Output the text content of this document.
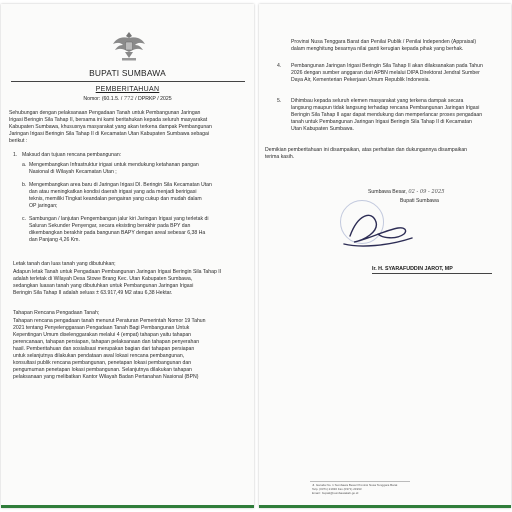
BUPATI SUMBAWA
PEMBERITAHUAN
Nomor: (60.1.5. / 772 / DPRKP / 2025
Sehubungan dengan pelaksanaan Pengadaan Tanah untuk Pembangunan Jaringan
Irigasi Beringin Sila Tahap II, bersama ini kami beritahukan kepada seluruh masyarakat
Kabupaten Sumbawa, khususnya masyarakat yang akan terkena dampak Pembangunan
Jaringan Irigasi Beringin Sila Tahap II di Kecamatan Utan Kabupaten Sumbawa sebagai
berikut :
1. Maksud dan tujuan rencana pembangunan:
a. Mengembangkan Infrastruktur irigasi untuk mendukung ketahanan pangan
Nasional di Wilayah Kecamatan Utan ;
b. Mengembangkan area baru di Jaringan Irigasi DI. Beringin Sila Kecamatan Utan
dan atau meningkatkan kondisi daerah irigasi yang ada menjadi beririgasi
teknis, memiliki Tingkat keandalan pengairan yang cukup dan mudah dalam
OP jaringan;
c. Sambungan / lanjutan Pengembangan jalur kiri Jaringan Irigasi yang terletak di
Saluran Sekunder Penyengar, secara eksisting berakhir pada BPY dan
dikembangkan berakhir pada bangunan BAPY dengan areal sebesar 6,38 Ha
dan Panjang 4,26 Km.
Letak tanah dan luas tanah yang dibutuhkan;
Adapun letak Tanah untuk Pengadaan Pembangunan Jaringan Irigasi Beringin Sila Tahap II
adalah terletak di Wilayah Desa Stowe Brang Kec. Utan Kabupaten Sumbawa,
sedangkan luasan tanah yang dibutuhkan untuk Pembangunan Jaringan Irigasi
Beringin Sila Tahap II adalah seluas ± 63.917,49 M2 atau 6,38 Hektar.
Tahapan Rencana Pengadaan Tanah;
Tahapan rencana pengadaan tanah menurut Peraturan Pemerintah Nomor 19 Tahun
2021 tentang Penyelenggaraan Pengadaan Tanah Bagi Pembangunan Untuk
Kepentingan Umum diselenggarakan melalui 4 (empat) tahapan yaitu tahapan
perencanaan, tahapan persiapan, tahapan pelaksanaan dan tahapan penyerahan
hasil. Pemberitahuan dan sosialisasi merupakan bagian dari tahapan persiapan
untuk selanjutnya dilakukan pendataan awal lokasi rencana pembangunan,
konsultasi publik rencana pembangunan, penetapan lokasi pembangunan dan
pengumuman penetapan lokasi pembangunan. Selanjutnya dilakukan tahapan
pelaksanaan yang melibatkan Kantor Wilayah Badan Pertanahan Nasional (BPN)
Provinsi Nusa Tenggara Barat dan Penilai Publik / Penilai Independen (Appraisal)
dalam menghitung besarnya nilai ganti kerugian kepada pihak yang berhak.
4. Pembangunan Jaringan Irigasi Beringin Sila Tahap II akan dilaksanakan pada Tahun
2026 dengan sumber anggaran dari APBN melalui DIPA Direktorat Jendral Sumber
Daya Air, Kementerian Pekerjaan Umum Republik Indonesia.
5. Dihimbau kepada seluruh elemen masyarakat yang terkena dampak secara
langsung maupun tidak langsung terhadap rencana Pembangunan Jaringan Irigasi
Beringin Sila Tahap II agar dapat mendukung dan memperlancar proses pengadaan
tanah untuk Pembangunan Jaringan Irigasi Beringin Sila Tahap II di Kecamatan
Utan Kabupaten Sumbawa.
Demikian pemberitahuan ini disampaikan, atas perhatian dan dukungannya disampaikan
terima kasih.
Sumbawa Besar, 02 - 09 - 2025
Bupati Sumbawa
Ir. H. SYARAFUDDIN JAROT, MP
Jl. Garuda No. 1 Sumbawa Besar Provinsi Nusa Tenggara Barat
Telp. (0371) 21930 Fax (0371) 21993
Email : bupati@sumbawakab.go.id
